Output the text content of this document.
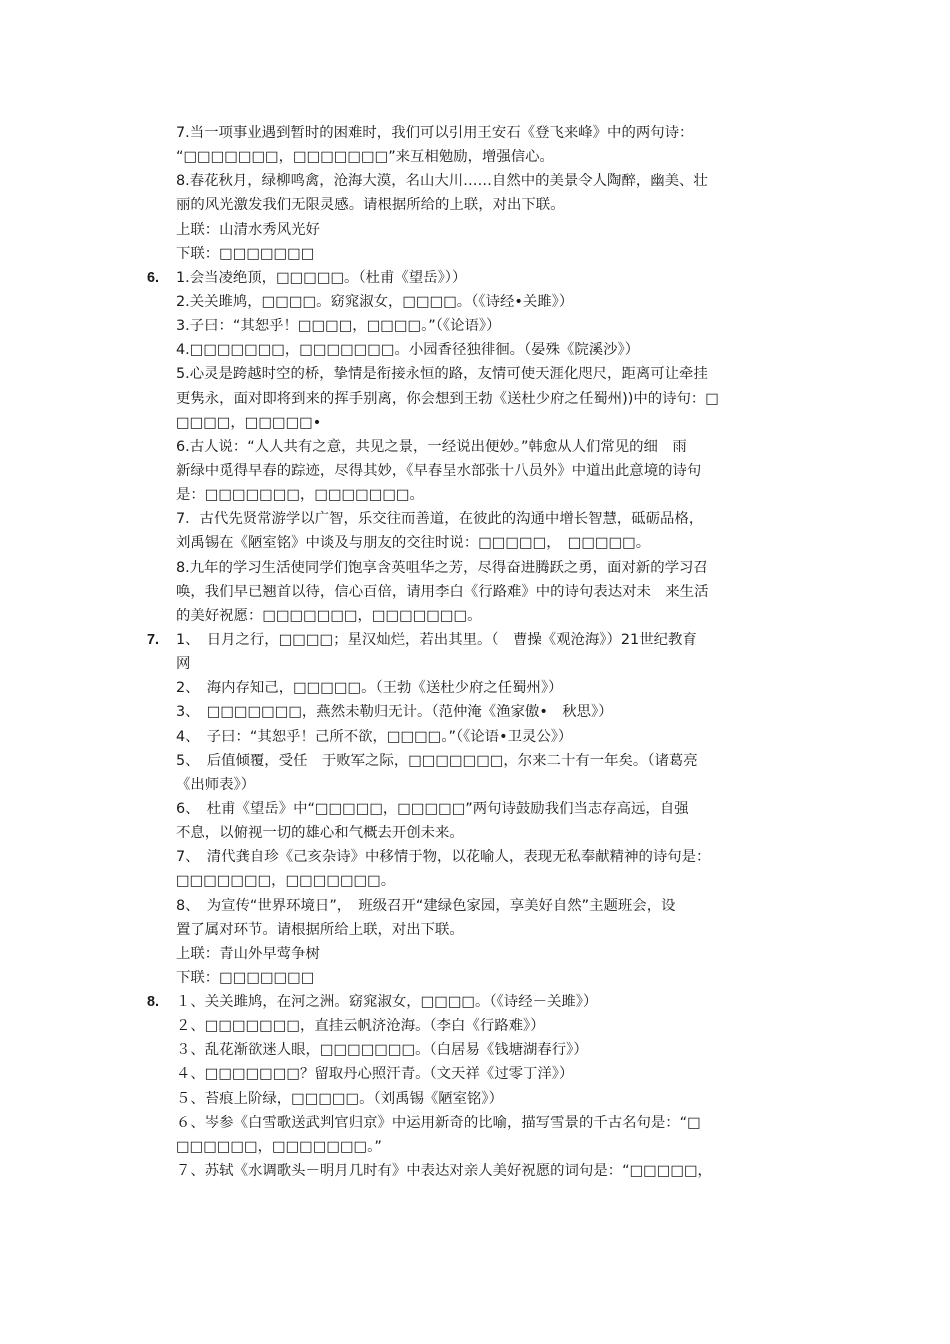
7.当一项事业遇到暂时的困难时，我们可以引用王安石《登飞来峰》中的两句诗：
“□□□□□□□，□□□□□□□”来互相勉励，增强信心。
8.春花秋月，绿柳鸣禽，沧海大漠，名山大川……自然中的美景令人陶醉，幽美、壮
丽的风光激发我们无限灵感。请根据所给的上联，对出下联。
上联：山清水秀风光好
下联：□□□□□□□
6. 1.会当凌绝顶，□□□□□。（杜甫《望岳》））
2.关关雎鸠，□□□□。窈窕淑女，□□□□。（《诗经•关雎》）
3.子曰：“其恕乎！□□□□，□□□□。”（《论语》）
4.□□□□□□□，□□□□□□□。小园香径独徘徊。（晏殊《院溪沙》）
5.心灵是跨越时空的桥，挚情是衔接永恒的路，友情可使天涯化咫尺，距离可让牵挂
更隽永，面对即将到来的挥手别离，你会想到王勃《送杜少府之任蜀州))中的诗句：□
□□□□，□□□□□•
6.古人说：“人人共有之意，共见之景，一经说出便妙。”韩愈从人们常见的细　雨
新绿中觅得早春的踪迹，尽得其妙，《早春呈水部张十八员外》中道出此意境的诗句
是：□□□□□□□，□□□□□□□。
7．古代先贤常游学以广智，乐交往而善道，在彼此的沟通中增长智慧，砥砺品格，
刘禹锡在《陋室铭》中谈及与朋友的交往时说：□□□□□，　□□□□□。
8.九年的学习生活使同学们饱享含英咀华之芳，尽得奋进腾跃之勇，面对新的学习召
唤，我们早已翘首以待，信心百倍，请用李白《行路难》中的诗句表达对未　来生活
的美好祝愿：□□□□□□□，□□□□□□□。
7. 1、　日月之行，□□□□；星汉灿烂，若出其里。（　曹操《观沧海》）21世纪教育
网
2、　海内存知己，□□□□□。（王勃《送杜少府之任蜀州》）
3、　□□□□□□□，燕然未勒归无计。（范仲淹《渔家傲•　秋思》）
4、　子曰：“其恕乎！己所不欲，□□□□。”（《论语•卫灵公》）
5、　后值倾覆，受任　于败军之际，□□□□□□□，尔来二十有一年矣。（诸葛亮
《出师表》）
6、　杜甫《望岳》中“□□□□□，□□□□□”两句诗鼓励我们当志存高远，自强
不息，以俯视一切的雄心和气概去开创未来。
7、　清代龚自珍《己亥杂诗》中移情于物，以花喻人，表现无私奉献精神的诗句是：
□□□□□□□，□□□□□□□。
8、　为宣传“世界环境日”，　班级召开“建绿色家园，享美好自然”主题班会，设
置了属对环节。请根据所给上联，对出下联。
上联：青山外早莺争树
下联：□□□□□□□
8. １、关关雎鸠，在河之洲。窈窕淑女，□□□□。（《诗经－关雎》）
２、□□□□□□□，直挂云帆济沧海。（李白《行路难》）
３、乱花渐欲迷人眼，□□□□□□□。（白居易《钱塘湖春行》）
４、□□□□□□□？留取丹心照汗青。（文天祥《过零丁洋》）
５、苔痕上阶绿，□□□□□。（刘禹锡《陋室铭》）
６、岑参《白雪歌送武判官归京》中运用新奇的比喻，描写雪景的千古名句是：“□
□□□□□□，□□□□□□□。”
７、苏轼《水调歌头－明月几时有》中表达对亲人美好祝愿的词句是：“□□□□□，
